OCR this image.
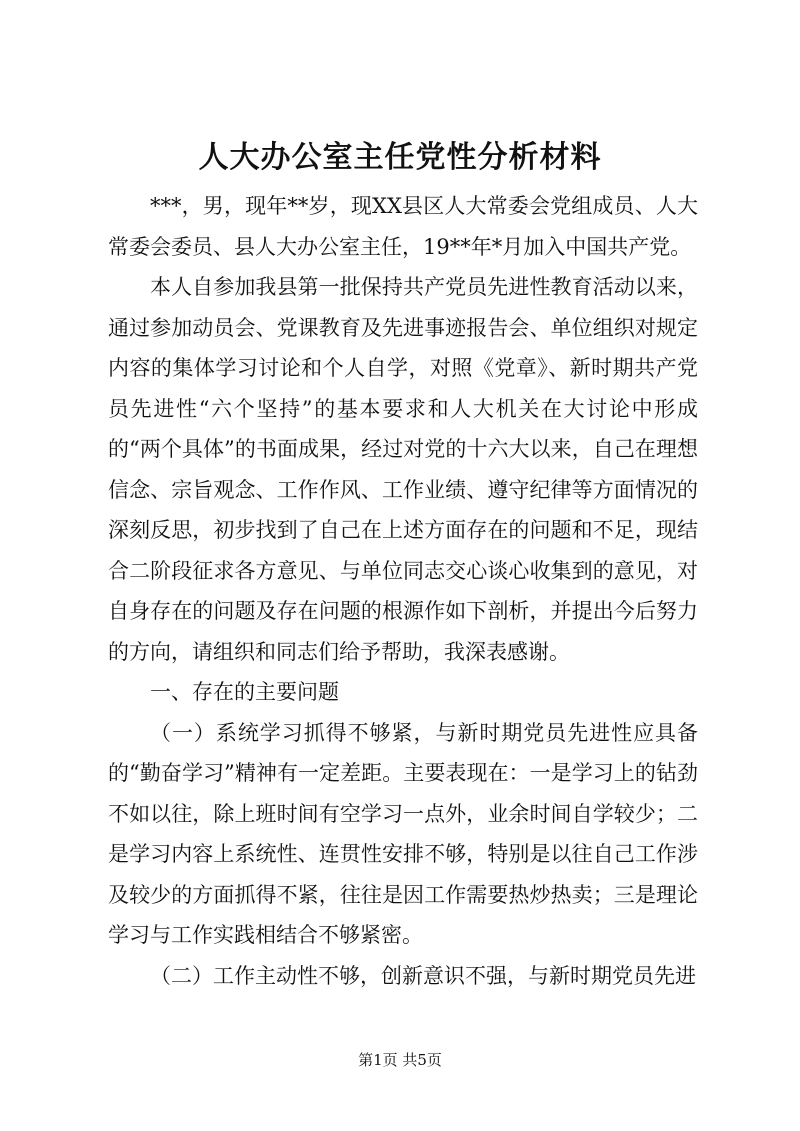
人大办公室主任党性分析材料

***，男，现年**岁，现XX县区人大常委会党组成员、人大常委会委员、县人大办公室主任，19**年*月加入中国共产党。

本人自参加我县第一批保持共产党员先进性教育活动以来，通过参加动员会、党课教育及先进事迹报告会、单位组织对规定内容的集体学习讨论和个人自学，对照《党章》、新时期共产党员先进性“六个坚持”的基本要求和人大机关在大讨论中形成的“两个具体”的书面成果，经过对党的十六大以来，自己在理想信念、宗旨观念、工作作风、工作业绩、遵守纪律等方面情况的深刻反思，初步找到了自己在上述方面存在的问题和不足，现结合二阶段征求各方意见、与单位同志交心谈心收集到的意见，对自身存在的问题及存在问题的根源作如下剖析，并提出今后努力的方向，请组织和同志们给予帮助，我深表感谢。

一、存在的主要问题

（一）系统学习抓得不够紧，与新时期党员先进性应具备的“勤奋学习”精神有一定差距。主要表现在：一是学习上的钻劲不如以往，除上班时间有空学习一点外，业余时间自学较少；二是学习内容上系统性、连贯性安排不够，特别是以往自己工作涉及较少的方面抓得不紧，往往是因工作需要热炒热卖；三是理论学习与工作实践相结合不够紧密。

（二）工作主动性不够，创新意识不强，与新时期党员先进

第1页 共5页
